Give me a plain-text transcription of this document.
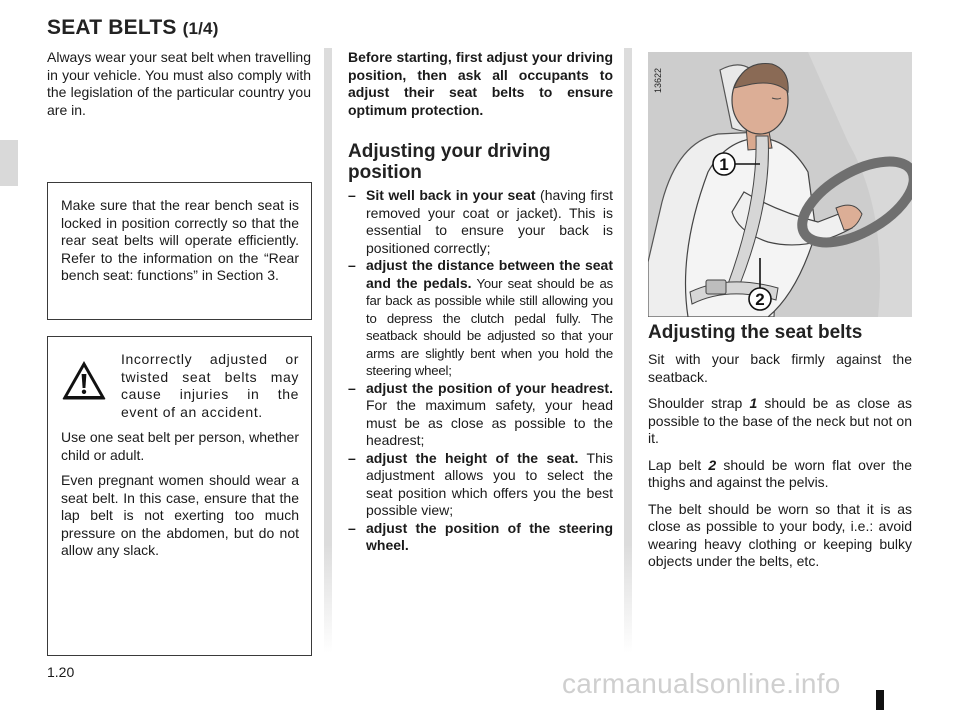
SEAT BELTS (1/4)

Always wear your seat belt when travelling in your vehicle. You must also comply with the legislation of the particular country you are in.

Make sure that the rear bench seat is locked in position correctly so that the rear seat belts will operate efficiently. Refer to the information on the “Rear bench seat: functions” in Section 3.

Incorrectly adjusted or twisted seat belts may cause injuries in the event of an accident.

Use one seat belt per person, whether child or adult.

Even pregnant women should wear a seat belt. In this case, ensure that the lap belt is not exerting too much pressure on the abdomen, but do not allow any slack.

Before starting, first adjust your driving position, then ask all occupants to adjust their seat belts to ensure optimum protection.

Adjusting your driving position
– Sit well back in your seat (having first removed your coat or jacket). This is essential to ensure your back is positioned correctly;
– adjust the distance between the seat and the pedals. Your seat should be as far back as possible while still allowing you to depress the clutch pedal fully. The seatback should be adjusted so that your arms are slightly bent when you hold the steering wheel;
– adjust the position of your headrest. For the maximum safety, your head must be as close as possible to the headrest;
– adjust the height of the seat. This adjustment allows you to select the seat position which offers you the best possible view;
– adjust the position of the steering wheel.
1
2
13622
Adjusting the seat belts

Sit with your back firmly against the seatback.

Shoulder strap 1 should be as close as possible to the base of the neck but not on it.

Lap belt 2 should be worn flat over the thighs and against the pelvis.

The belt should be worn so that it is as close as possible to your body, i.e.: avoid wearing heavy clothing or keeping bulky objects under the belts, etc.

1.20	carmanualsonline.info
